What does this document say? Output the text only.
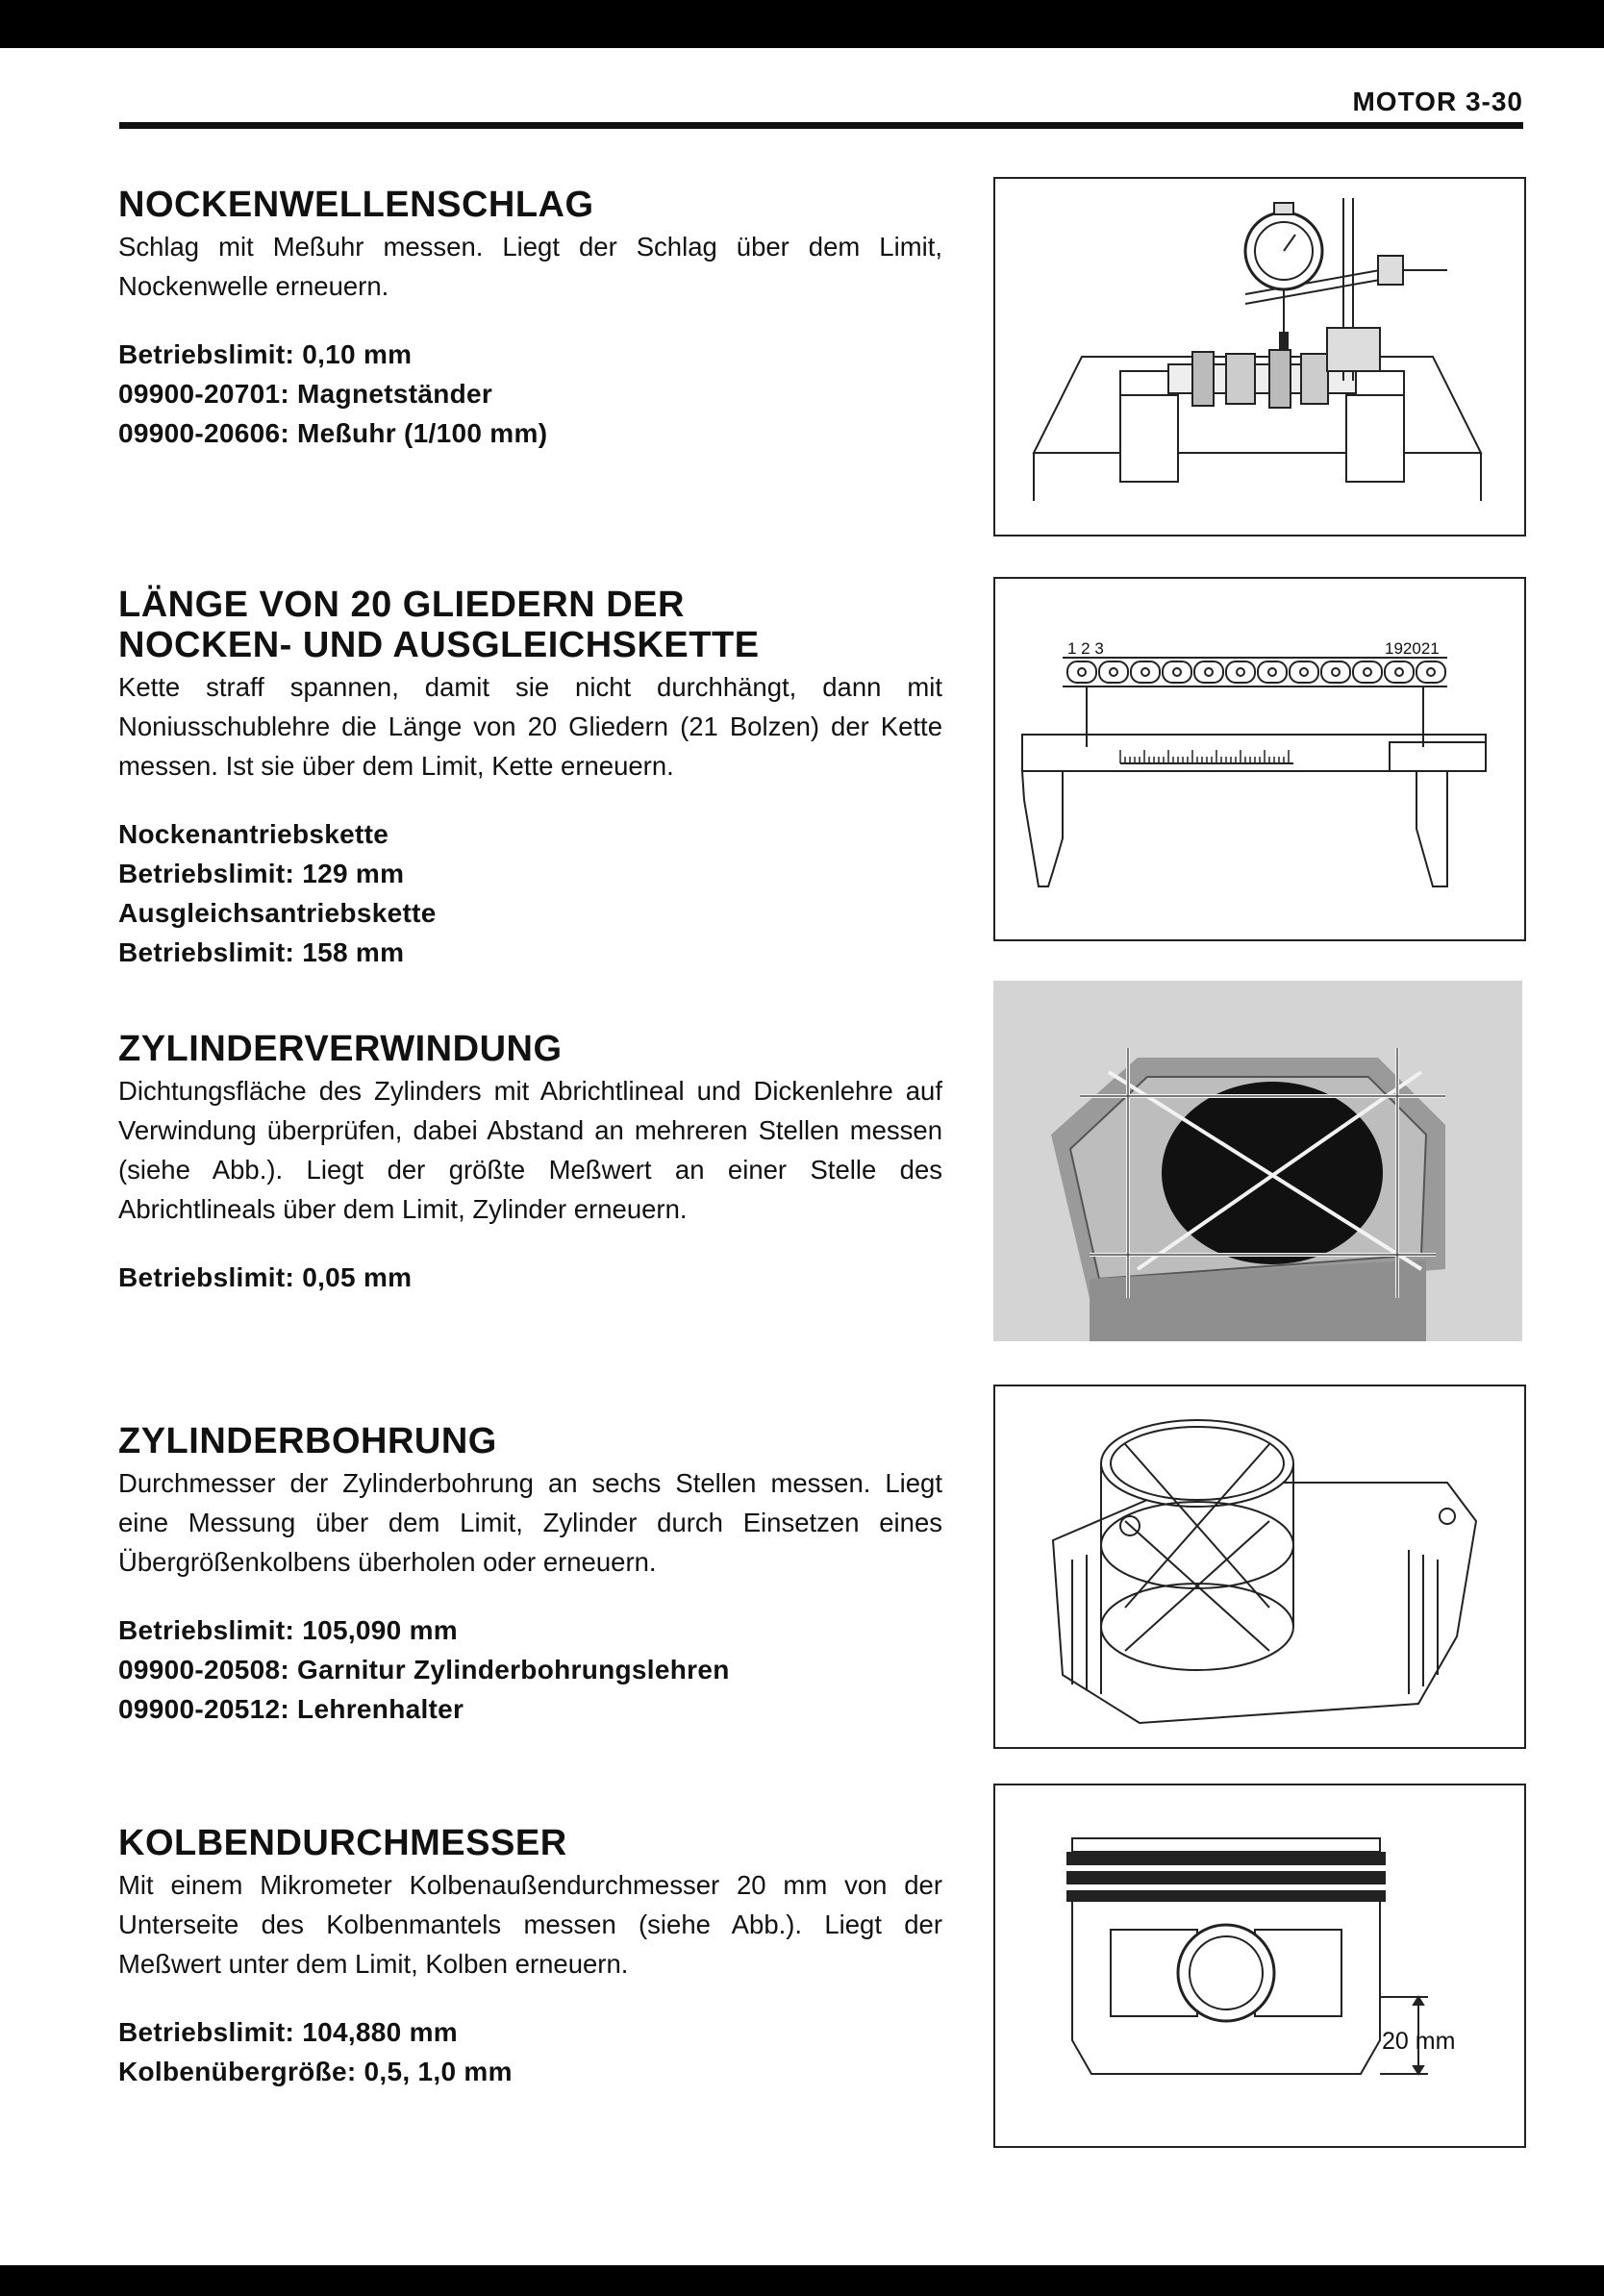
MOTOR 3-30
NOCKENWELLENSCHLAG
Schlag mit Meßuhr messen. Liegt der Schlag über dem Limit, Nockenwelle erneuern.
Betriebslimit: 0,10 mm
09900-20701: Magnetständer
09900-20606: Meßuhr (1/100 mm)
LÄNGE VON 20 GLIEDERN DER
NOCKEN- UND AUSGLEICHSKETTE
Kette straff spannen, damit sie nicht durchhängt, dann mit Noniusschublehre die Länge von 20 Gliedern (21 Bolzen) der Kette messen. Ist sie über dem Limit, Kette erneuern.
Nockenantriebskette
Betriebslimit: 129 mm
Ausgleichsantriebskette
Betriebslimit: 158 mm
ZYLINDERVERWINDUNG
Dichtungsfläche des Zylinders mit Abrichtlineal und Dickenlehre auf Verwindung überprüfen, dabei Abstand an mehreren Stellen messen (siehe Abb.). Liegt der größte Meßwert an einer Stelle des Abrichtlineals über dem Limit, Zylinder erneuern.
Betriebslimit: 0,05 mm
ZYLINDERBOHRUNG
Durchmesser der Zylinderbohrung an sechs Stellen messen. Liegt eine Messung über dem Limit, Zylinder durch Einsetzen eines Übergrößenkolbens überholen oder erneuern.
Betriebslimit: 105,090 mm
09900-20508: Garnitur Zylinderbohrungslehren
09900-20512: Lehrenhalter
KOLBENDURCHMESSER
Mit einem Mikrometer Kolbenaußendurchmesser 20 mm von der Unterseite des Kolbenmantels messen (siehe Abb.). Liegt der Meßwert unter dem Limit, Kolben erneuern.
Betriebslimit: 104,880 mm
Kolbenübergröße: 0,5, 1,0 mm
1 2 3	192021
20 mm
